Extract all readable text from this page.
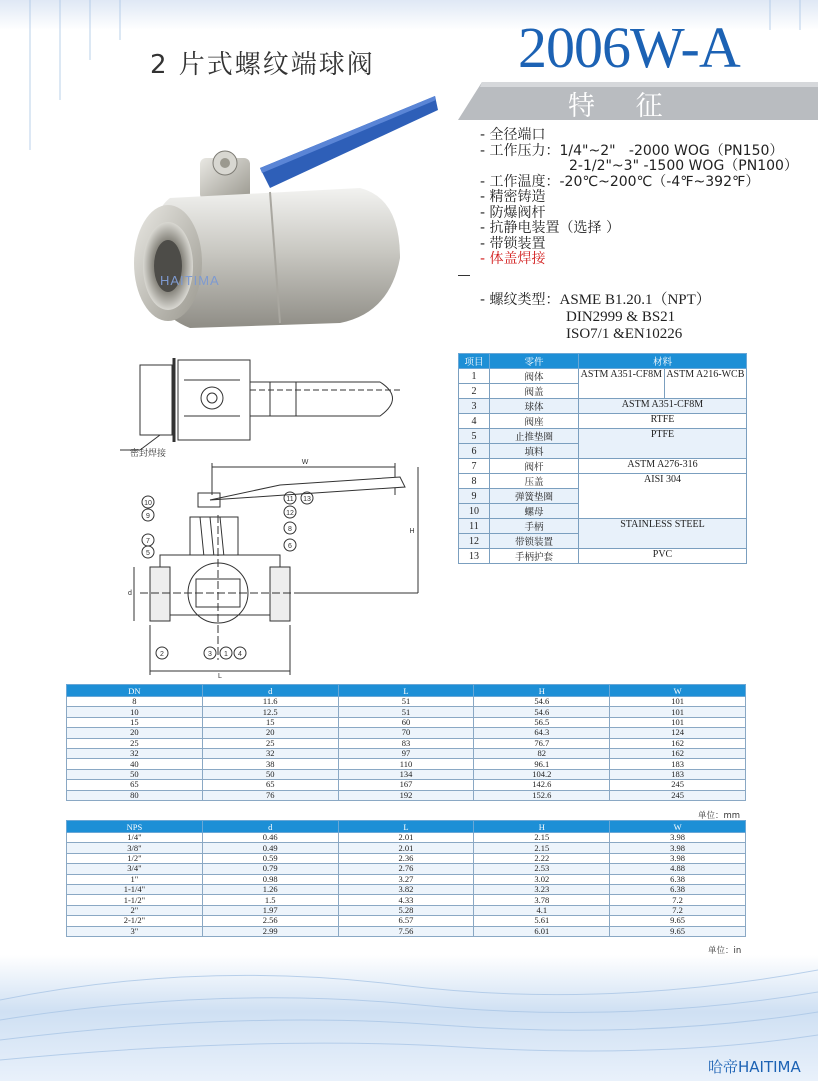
2 片式螺纹端球阀 2006W-A
特 征
- 全径端口
- 工作压力：1/4"~2"   -2000 WOG（PN150）
2-1/2"~3" -1500 WOG（PN100）
- 工作温度：-20℃~200℃（-4℉~392℉）
- 精密铸造
- 防爆阀杆
- 抗静电装置（选择 ）
- 带锁装置
- 体盖焊接
- 螺纹类型：ASME B1.20.1（NPT）
DIN2999 & BS21
ISO7/1 &EN10226
HAITIMA
密封焊接
10
9
11 13
12
8
7
5
6
2	3 1 4
W
H
d
L
项目	零件	材料	
1	阀体	ASTM A351-CF8M	ASTM A216-WCB
2	阀盖		
3	球体	ASTM A351-CF8M	
4	阀座	RTFE	
5	止推垫圈	PTFE	
6	填料		
7	阀杆	ASTM A276-316	
8	压盖	AISI 304	
9	弹簧垫圈		
10	螺母		
11	手柄	STAINLESS STEEL	
12	带锁装置		
13	手柄护套	PVC	
DN	d	L	H	W
8	11.6	51	54.6	101
10	12.5	51	54.6	101
15	15	60	56.5	101
20	20	70	64.3	124
25	25	83	76.7	162
32	32	97	82	162
40	38	110	96.1	183
50	50	134	104.2	183
65	65	167	142.6	245
80	76	192	152.6	245
单位：mm
NPS	d	L	H	W
1/4"	0.46	2.01	2.15	3.98
3/8"	0.49	2.01	2.15	3.98
1/2"	0.59	2.36	2.22	3.98
3/4"	0.79	2.76	2.53	4.88
1"	0.98	3.27	3.02	6.38
1-1/4"	1.26	3.82	3.23	6.38
1-1/2"	1.5	4.33	3.78	7.2
2"	1.97	5.28	4.1	7.2
2-1/2"	2.56	6.57	5.61	9.65
3"	2.99	7.56	6.01	9.65
单位：in
哈帝HAITIMA
